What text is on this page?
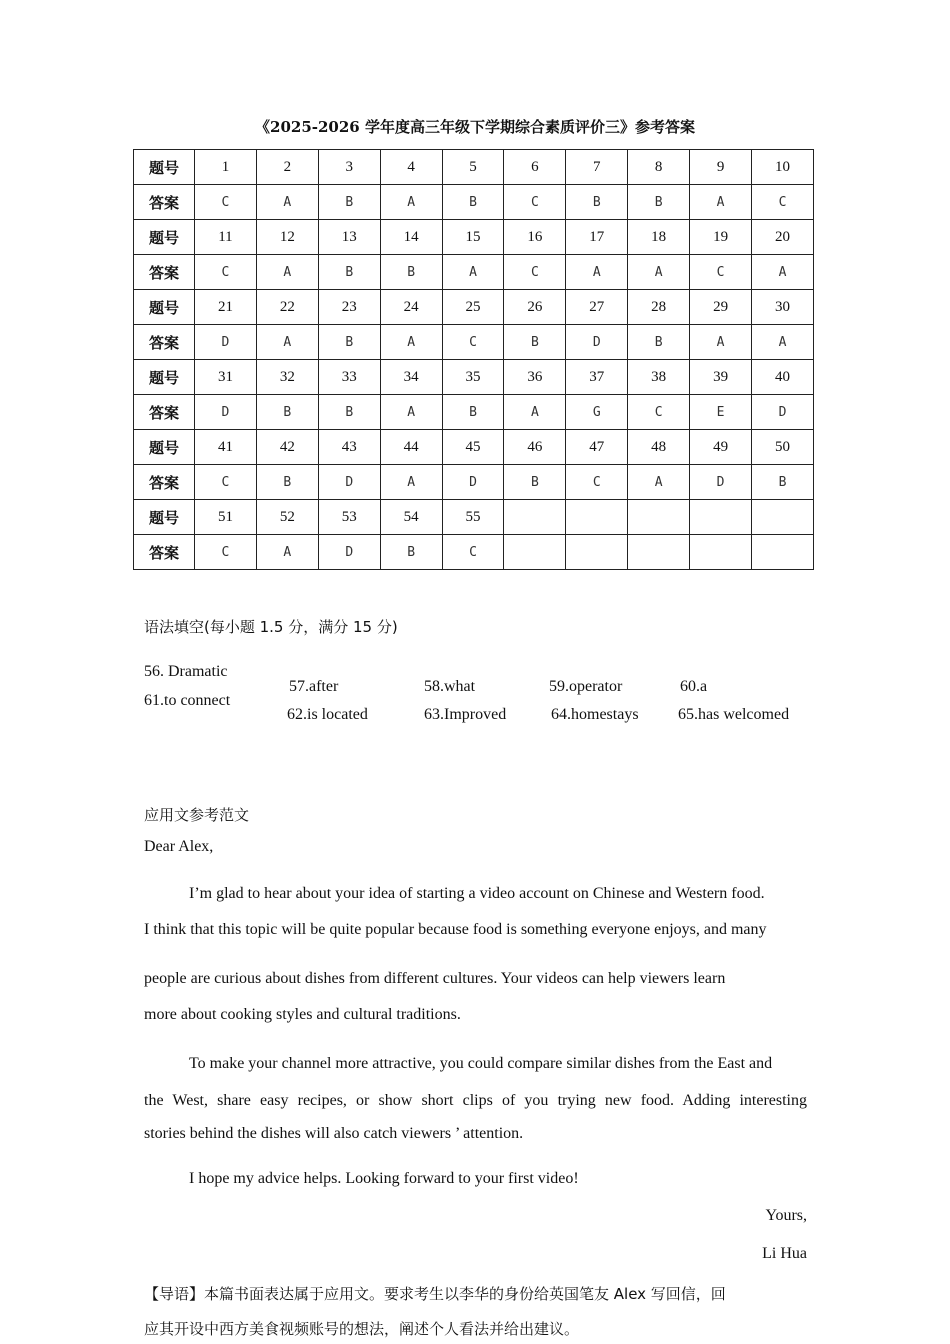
《2025-2026 学年度高三年级下学期综合素质评价三》参考答案
题号	1	2	3	4	5	6	7	8	9	10
答案	C	A	B	A	B	C	B	B	A	C
题号	11	12	13	14	15	16	17	18	19	20
答案	C	A	B	B	A	C	A	A	C	A
题号	21	22	23	24	25	26	27	28	29	30
答案	D	A	B	A	C	B	D	B	A	A
题号	31	32	33	34	35	36	37	38	39	40
答案	D	B	B	A	B	A	G	C	E	D
题号	41	42	43	44	45	46	47	48	49	50
答案	C	B	D	A	D	B	C	A	D	B
题号	51	52	53	54	55					
答案	C	A	D	B	C					
语法填空(每小题 1.5 分，满分 15 分)
56. Dramatic
57.after	58.what	59.operator	60.a
61.to connect
62.is located	63.Improved	64.homestays 65.has welcomed
应用文参考范文
Dear Alex,
I’m glad to hear about your idea of starting a video account on Chinese and Western food.
I think that this topic will be quite popular because food is something everyone enjoys, and many
people are curious about dishes from different cultures. Your videos can help viewers learn
more about cooking styles and cultural traditions.
To make your channel more attractive, you could compare similar dishes from the East and
the West, share easy recipes, or show short clips of you trying new food. Adding interesting
stories behind the dishes will also catch viewers ’ attention.
I hope my advice helps. Looking forward to your first video!
Yours,
Li Hua
【导语】本篇书面表达属于应用文。要求考生以李华的身份给英国笔友 Alex 写回信，回
应其开设中西方美食视频账号的想法，阐述个人看法并给出建议。
